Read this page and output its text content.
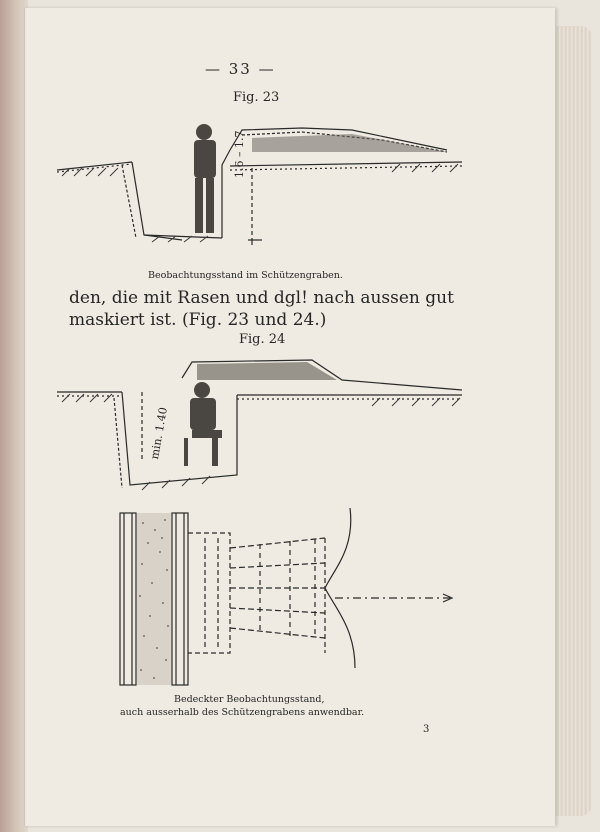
— 33 —
Fig. 23
1.6 – 1.7
Beobachtungsstand im Schützengraben.
den, die mit Rasen und dgl! nach aussen gut
maskiert ist. (Fig. 23 und 24.)
Fig. 24
min. 1.40
Bedeckter Beobachtungsstand,
auch ausserhalb des Schützengrabens anwendbar.
3
